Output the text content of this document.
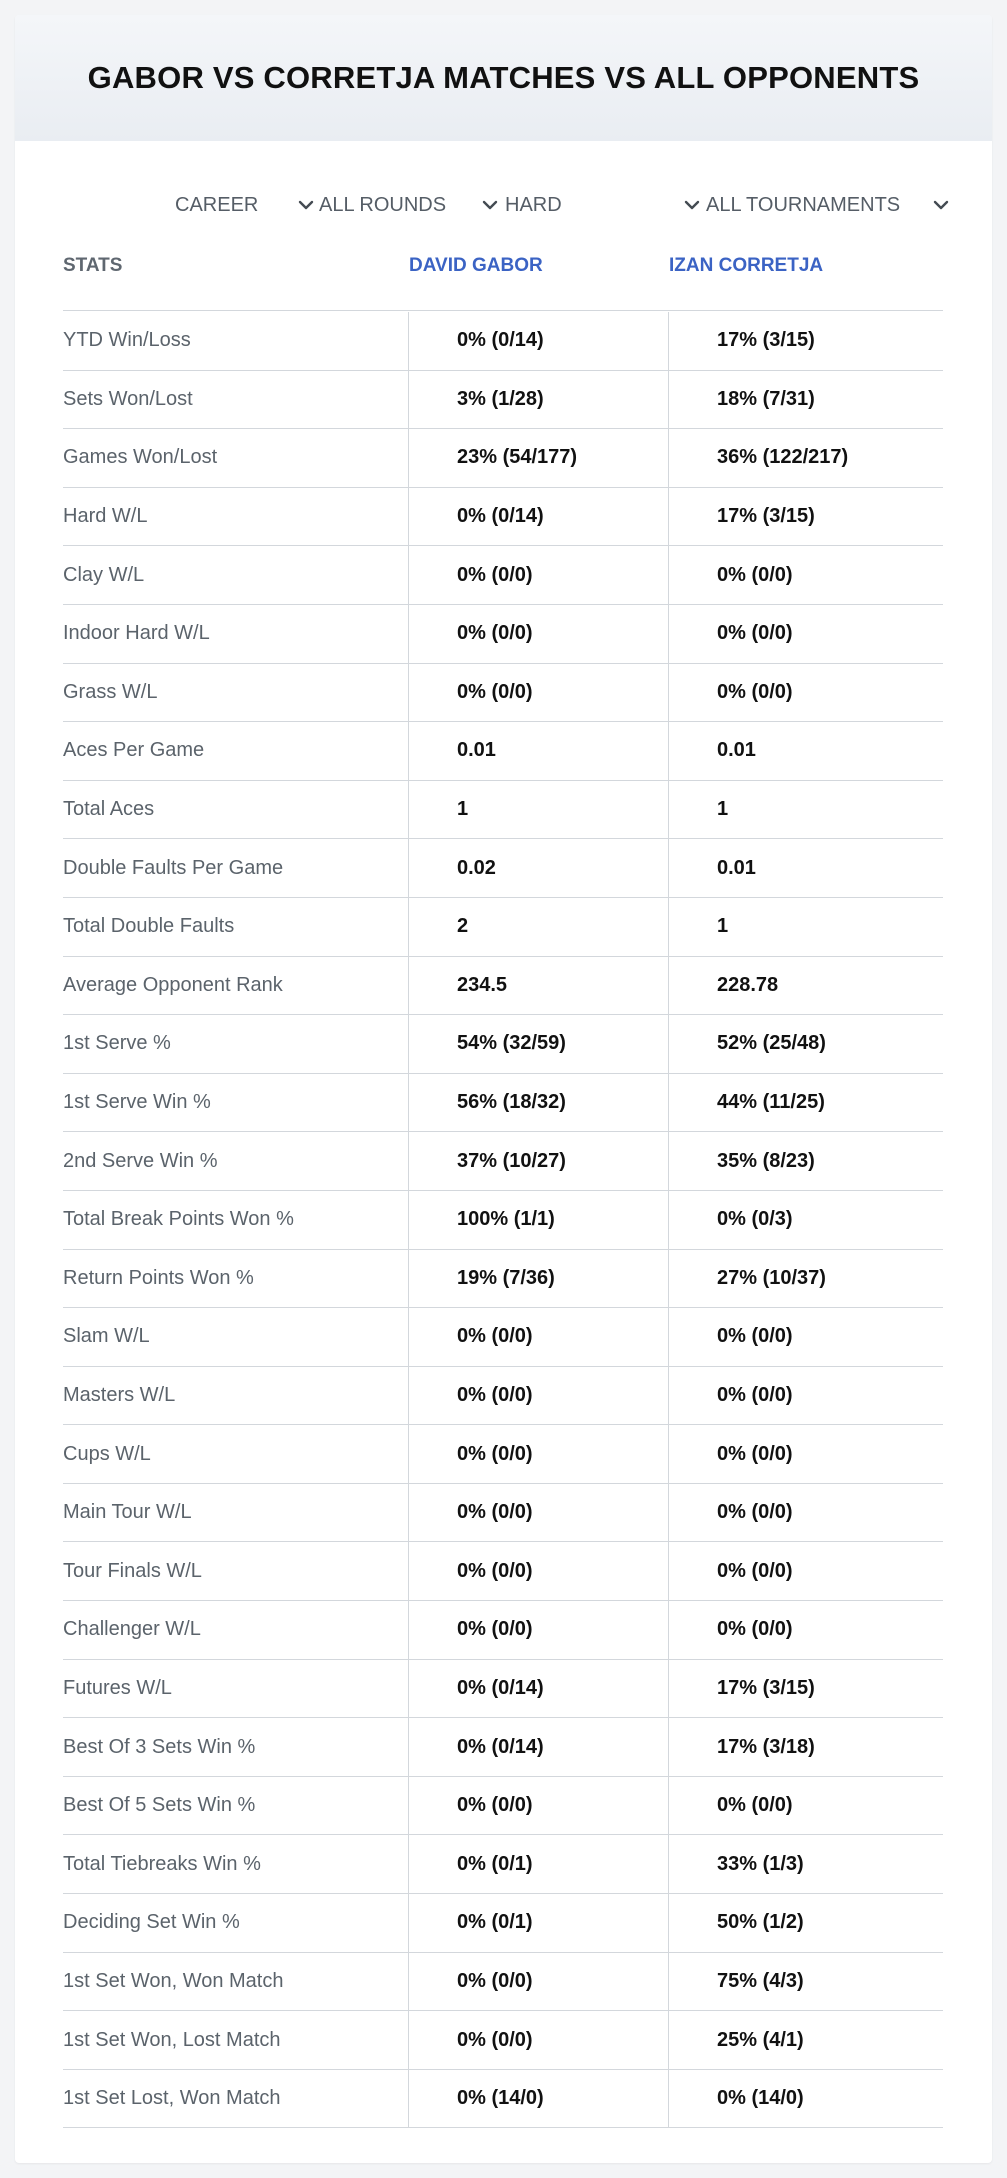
GABOR VS CORRETJA MATCHES VS ALL OPPONENTS
CAREER	ALL ROUNDS	HARD	ALL TOURNAMENTS
STATS	DAVID GABOR	IZAN CORRETJA
YTD Win/Loss	0% (0/14)	17% (3/15)
Sets Won/Lost	3% (1/28)	18% (7/31)
Games Won/Lost	23% (54/177)	36% (122/217)
Hard W/L	0% (0/14)	17% (3/15)
Clay W/L	0% (0/0)	0% (0/0)
Indoor Hard W/L	0% (0/0)	0% (0/0)
Grass W/L	0% (0/0)	0% (0/0)
Aces Per Game	0.01	0.01
Total Aces	1	1
Double Faults Per Game	0.02	0.01
Total Double Faults	2	1
Average Opponent Rank	234.5	228.78
1st Serve %	54% (32/59)	52% (25/48)
1st Serve Win %	56% (18/32)	44% (11/25)
2nd Serve Win %	37% (10/27)	35% (8/23)
Total Break Points Won %	100% (1/1)	0% (0/3)
Return Points Won %	19% (7/36)	27% (10/37)
Slam W/L	0% (0/0)	0% (0/0)
Masters W/L	0% (0/0)	0% (0/0)
Cups W/L	0% (0/0)	0% (0/0)
Main Tour W/L	0% (0/0)	0% (0/0)
Tour Finals W/L	0% (0/0)	0% (0/0)
Challenger W/L	0% (0/0)	0% (0/0)
Futures W/L	0% (0/14)	17% (3/15)
Best Of 3 Sets Win %	0% (0/14)	17% (3/18)
Best Of 5 Sets Win %	0% (0/0)	0% (0/0)
Total Tiebreaks Win %	0% (0/1)	33% (1/3)
Deciding Set Win %	0% (0/1)	50% (1/2)
1st Set Won, Won Match	0% (0/0)	75% (4/3)
1st Set Won, Lost Match	0% (0/0)	25% (4/1)
1st Set Lost, Won Match	0% (14/0)	0% (14/0)
